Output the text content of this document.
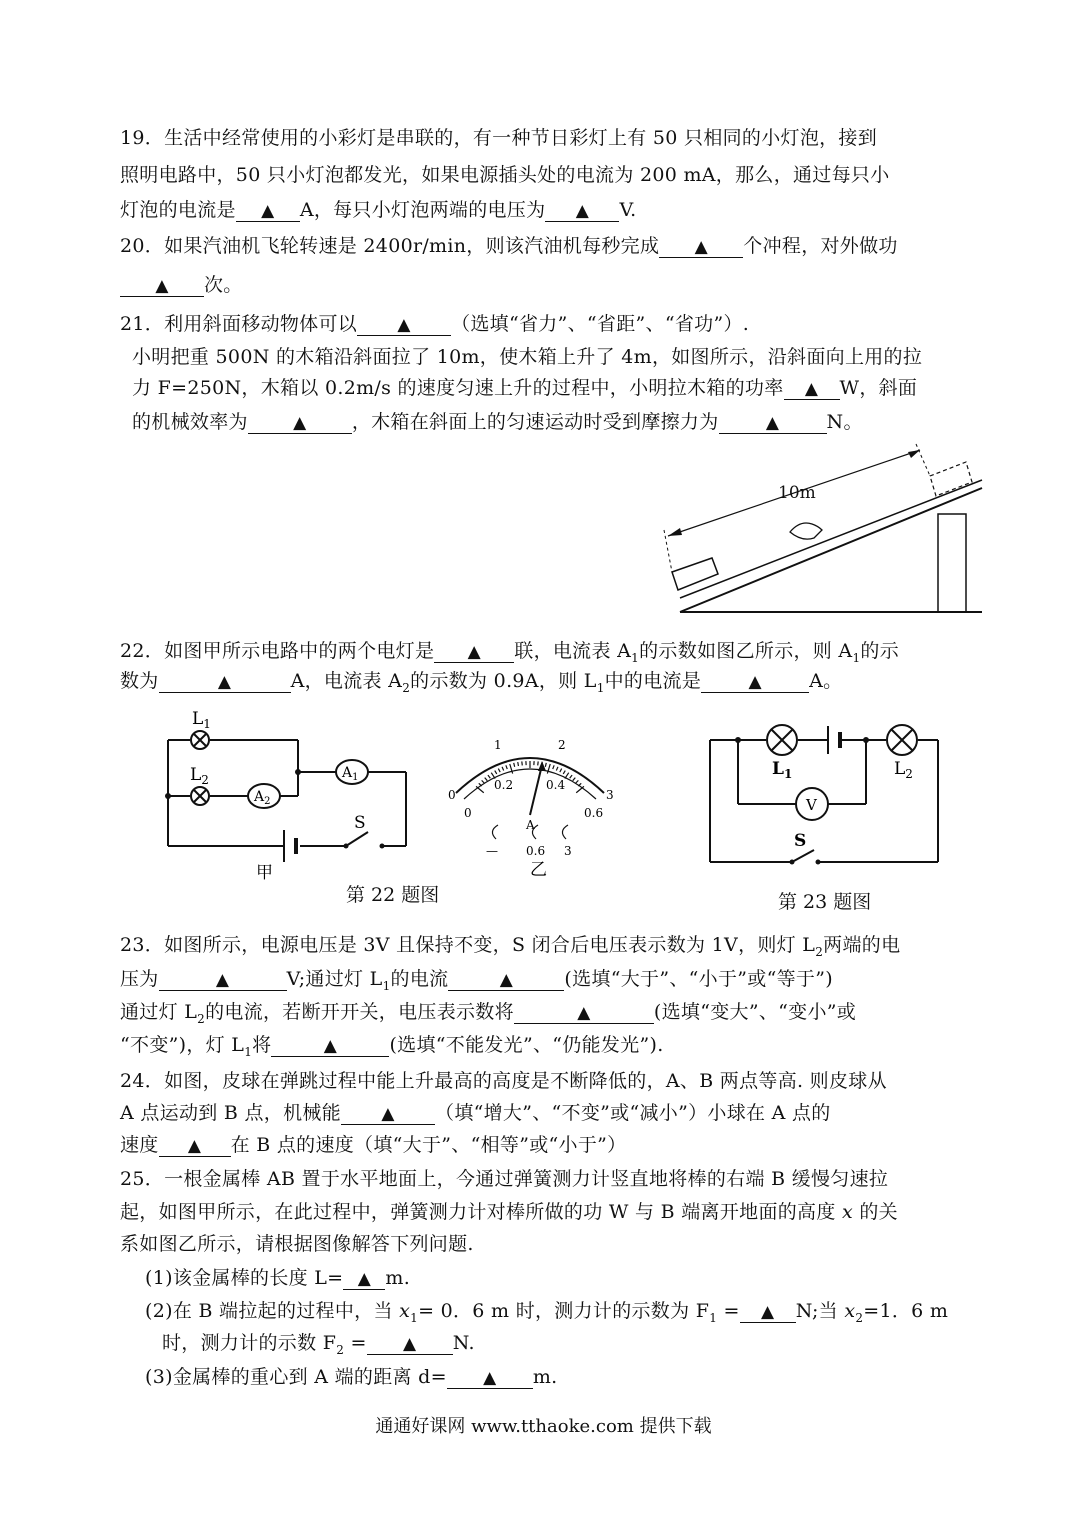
19．生活中经常使用的小彩灯是串联的，有一种节日彩灯上有 50 只相同的小灯泡，接到
照明电路中，50 只小灯泡都发光，如果电源插头处的电流为 200 mA，那么，通过每只小
灯泡的电流是 ▲ A，每只小灯泡两端的电压为 ▲ V.
20．如果汽油机飞轮转速是 2400r/min，则该汽油机每秒完成 ▲ 个冲程，对外做功
▲ 次。
21．利用斜面移动物体可以 ▲ （选填“省力”、“省距”、“省功”）.
小明把重 500N 的木箱沿斜面拉了 10m，使木箱上升了 4m，如图所示，沿斜面向上用的拉
力 F=250N，木箱以 0.2m/s 的速度匀速上升的过程中，小明拉木箱的功率 ▲ W，斜面
的机械效率为	▲ ，木箱在斜面上的匀速运动时受到摩擦力为	▲ N。
10m
22．如图甲所示电路中的两个电灯是 ▲ 联，电流表 $A_1$的示数如图乙所示，则 $A_1$的示
数为	▲	A，电流表 $A_2$的示数为 0.9A，则 $L_1$中的电流是	▲ A。
$L_1$
$L_2$
$A_2$
$A_1$
S
甲
0
1	2
3
0.2	0.4
0
A
0.6
— 0.6 3
乙
第 22 题图
$L_1$	$L_2$
V
S
第 23 题图
23．如图所示，电源电压是 3V 且保持不变，S 闭合后电压表示数为 1V，则灯 $L_2$两端的电
压为	▲	V;通过灯 $L_1$的电流	▲	(选填“大于”、“小于”或“等于”)
通过灯 $L_2$的电流，若断开开关，电压表示数将	▲	(选填“变大”、“变小”或
“不变”)，灯 $L_1$将	▲	(选填“不能发光”、“仍能发光”).
24．如图，皮球在弹跳过程中能上升最高的高度是不断降低的，A、B 两点等高. 则皮球从
A 点运动到 B 点，机械能 ▲ （填“增大”、“不变”或“减小”）小球在 A 点的
速度 ▲ 在 B 点的速度（填“大于”、“相等”或“小于”）
25．一根金属棒 AB 置于水平地面上，今通过弹簧测力计竖直地将棒的右端 B 缓慢匀速拉
起，如图甲所示，在此过程中，弹簧测力计对棒所做的功 W 与 B 端离开地面的高度 x 的关
系如图乙所示，请根据图像解答下列问题.
(1)该金属棒的长度 L= ▲ m.
(2)在 B 端拉起的过程中，当 $x_1= 0$．6 m 时，测力计的示数为 $F_1$ = ▲ N;当 $x_2=1$．6 m
时，测力计的示数 $F_2$ = ▲ N.
(3)金属棒的重心到 A 端的距离 d= ▲ m.
通通好课网 www.tthaoke.com 提供下载
